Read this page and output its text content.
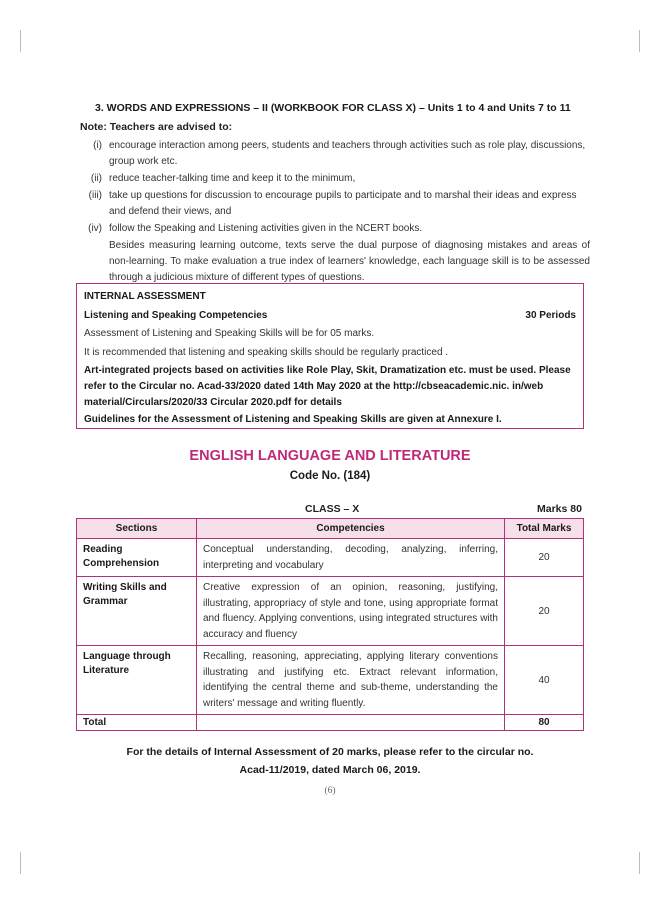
3. WORDS AND EXPRESSIONS – II (WORKBOOK FOR CLASS X) – Units 1 to 4 and Units 7 to 11
Note: Teachers are advised to:
(i) encourage interaction among peers, students and teachers through activities such as role play, discussions, group work etc.
(ii) reduce teacher-talking time and keep it to the minimum,
(iii) take up questions for discussion to encourage pupils to participate and to marshal their ideas and express and defend their views, and
(iv) follow the Speaking and Listening activities given in the NCERT books.
Besides measuring learning outcome, texts serve the dual purpose of diagnosing mistakes and areas of non-learning. To make evaluation a true index of learners' knowledge, each language skill is to be assessed through a judicious mixture of different types of questions.
INTERNAL ASSESSMENT
Listening and Speaking Competencies	30 Periods
Assessment of Listening and Speaking Skills will be for 05 marks.
It is recommended that listening and speaking skills should be regularly practiced .
Art-integrated projects based on activities like Role Play, Skit, Dramatization etc. must be used. Please refer to the Circular no. Acad-33/2020 dated 14th May 2020 at the http://cbseacademic.nic. in/web material/Circulars/2020/33 Circular 2020.pdf for details
Guidelines for the Assessment of Listening and Speaking Skills are given at Annexure I.
ENGLISH LANGUAGE AND LITERATURE
Code No. (184)
CLASS – X	Marks 80
Sections	Competencies	Total Marks
Reading Comprehension	Conceptual understanding, decoding, analyzing, inferring, interpreting and vocabulary	20
Writing Skills and Grammar	Creative expression of an opinion, reasoning, justifying, illustrating, appropriacy of style and tone, using appropriate format and fluency. Applying conventions, using integrated structures with accuracy and fluency	20
Language through Literature	Recalling, reasoning, appreciating, applying literary conventions illustrating and justifying etc. Extract relevant information, identifying the central theme and sub-theme, understanding the writers' message and writing fluently.	40
Total		80
For the details of Internal Assessment of 20 marks, please refer to the circular no.
Acad-11/2019, dated March 06, 2019.
(6)
